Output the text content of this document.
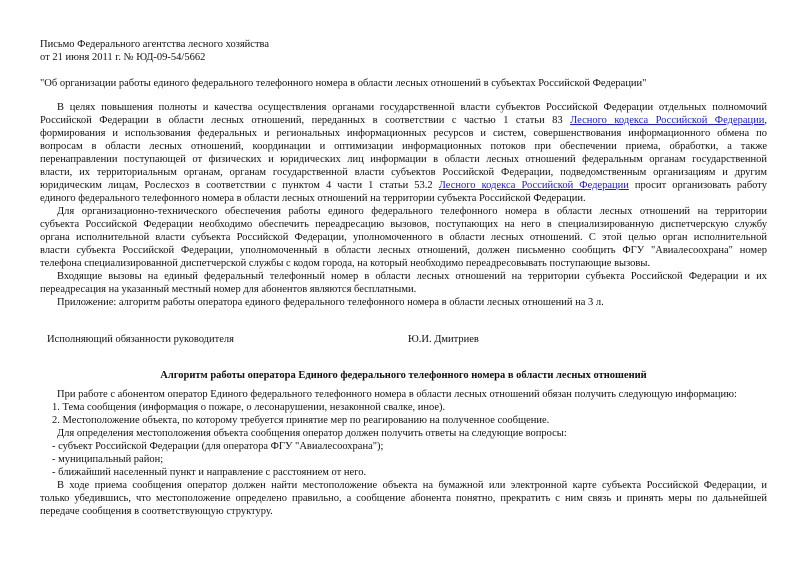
Письмо Федерального агентства лесного хозяйства
от 21 июня 2011 г. № ЮД-09-54/5662
"Об организации работы единого федерального телефонного номера в области лесных отношений в субъектах Российской Федерации"
В целях повышения полноты и качества осуществления органами государственной власти субъектов Российской Федерации отдельных полномочий
Российской Федерации в области лесных отношений, переданных в соответствии с частью 1 статьи 83 Лесного кодекса Российской Федерации,
формирования и использования федеральных и региональных информационных ресурсов и систем, совершенствования информационного обмена по
вопросам в области лесных отношений, координации и оптимизации информационных потоков при обеспечении приема, обработки, а также
перенаправлении поступающей от физических и юридических лиц информации в области лесных отношений федеральным органам государственной
власти, их территориальным органам, органам государственной власти субъектов Российской Федерации, подведомственным организациям и другим
юридическим лицам, Рослесхоз в соответствии с пунктом 4 части 1 статьи 53.2 Лесного кодекса Российской Федерации просит организовать работу
единого федерального телефонного номера в области лесных отношений на территории субъекта Российской Федерации.
Для организационно-технического обеспечения работы единого федерального телефонного номера в области лесных отношений на территории
субъекта Российской Федерации необходимо обеспечить переадресацию вызовов, поступающих на него в специализированную диспетчерскую службу
органа исполнительной власти субъекта Российской Федерации, уполномоченного в области лесных отношений. С этой целью орган исполнительной
власти субъекта Российской Федерации, уполномоченный в области лесных отношений, должен письменно сообщить ФГУ "Авиалесоохрана" номер
телефона специализированной диспетчерской службы с кодом города, на который необходимо переадресовывать поступающие вызовы.
Входящие вызовы на единый федеральный телефонный номер в области лесных отношений на территории субъекта Российской Федерации и их
переадресация на указанный местный номер для абонентов являются бесплатными.
Приложение: алгоритм работы оператора единого федерального телефонного номера в области лесных отношений на 3 л.
Исполняющий обязанности руководителя	Ю.И. Дмитриев
Алгоритм работы оператора Единого федерального телефонного номера в области лесных отношений
При работе с абонентом оператор Единого федерального телефонного номера в области лесных отношений обязан получить следующую информацию:
1. Тема сообщения (информация о пожаре, о лесонарушении, незаконной свалке, иное).
2. Местоположение объекта, по которому требуется принятие мер по реагированию на полученное сообщение.
Для определения местоположения объекта сообщения оператор должен получить ответы на следующие вопросы:
- субъект Российской Федерации (для оператора ФГУ "Авиалесоохрана");
- муниципальный район;
- ближайший населенный пункт и направление с расстоянием от него.
В ходе приема сообщения оператор должен найти местоположение объекта на бумажной или электронной карте субъекта Российской Федерации, и
только убедившись, что местоположение определено правильно, а сообщение абонента понятно, прекратить с ним связь и принять меры по дальнейшей
передаче сообщения в соответствующую структуру.
